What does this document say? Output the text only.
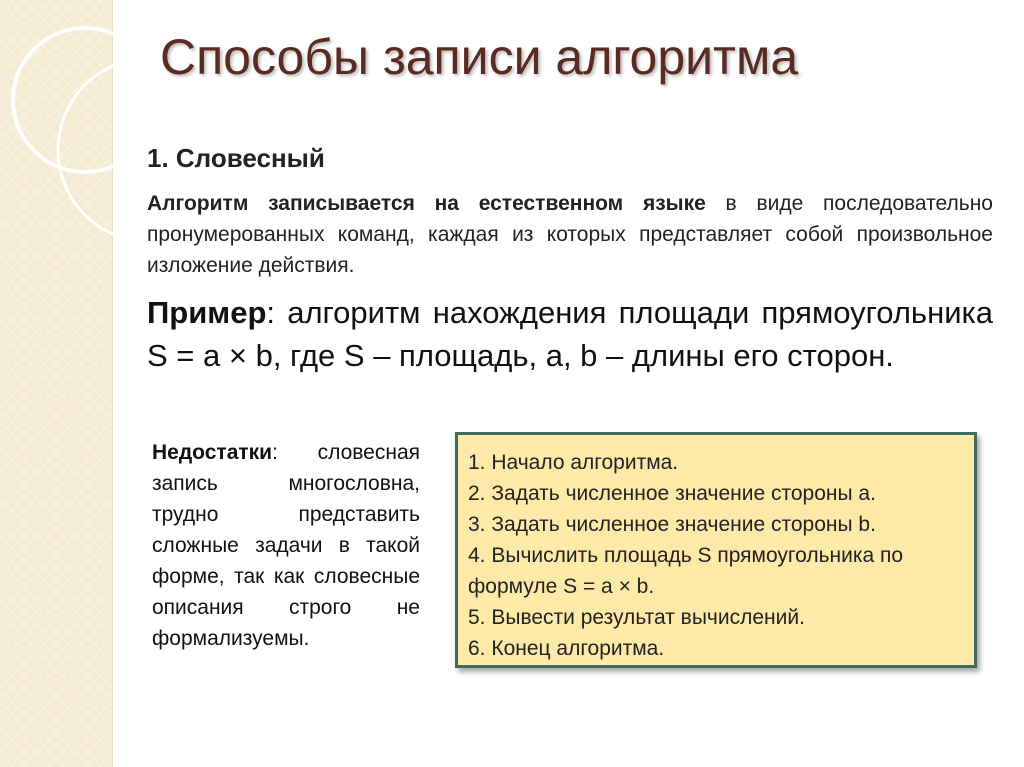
Способы записи алгоритма
1. Словесный
Алгоритм записывается на естественном языке в виде последовательно пронумерованных команд, каждая из которых представляет собой произвольное изложение действия.
Пример: алгоритм нахождения площади прямоугольника S = a × b, где S – площадь, a, b – длины его сторон.
Недостатки: словесная запись многословна, трудно представить сложные задачи в такой форме, так как словесные описания строго не формализуемы.
1. Начало алгоритма.
2. Задать численное значение стороны a.
3. Задать численное значение стороны b.
4. Вычислить площадь S прямоугольника по формуле S = a × b.
5. Вывести результат вычислений.
6. Конец алгоритма.
